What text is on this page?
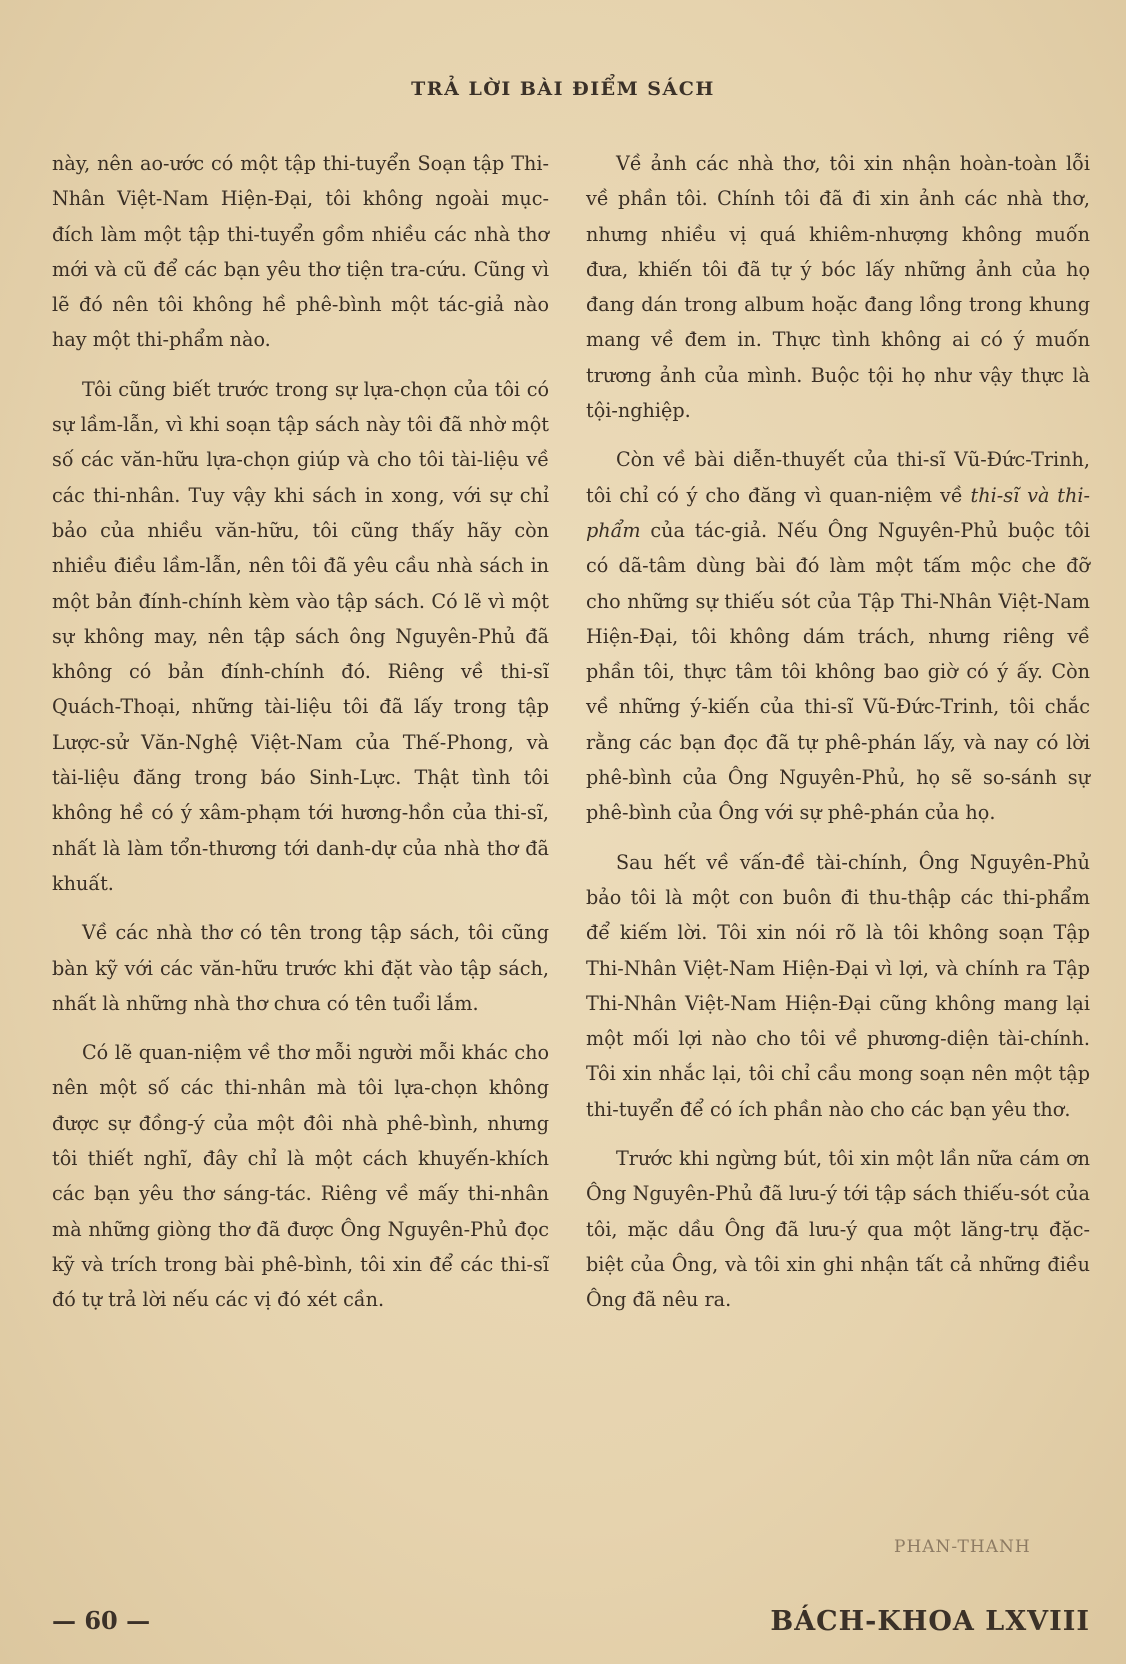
TRẢ LỜI BÀI ĐIỂM SÁCH

này, nên ao-ước có một tập thi-tuyển Soạn tập Thi-Nhân Việt-Nam Hiện-Đại, tôi không ngoài mục-đích làm một tập thi-tuyển gồm nhiều các nhà thơ mới và cũ để các bạn yêu thơ tiện tra-cứu. Cũng vì lẽ đó nên tôi không hề phê-bình một tác-giả nào hay một thi-phẩm nào.

Tôi cũng biết trước trong sự lựa-chọn của tôi có sự lầm-lẫn, vì khi soạn tập sách này tôi đã nhờ một số các văn-hữu lựa-chọn giúp và cho tôi tài-liệu về các thi-nhân. Tuy vậy khi sách in xong, với sự chỉ bảo của nhiều văn-hữu, tôi cũng thấy hãy còn nhiều điều lầm-lẫn, nên tôi đã yêu cầu nhà sách in một bản đính-chính kèm vào tập sách. Có lẽ vì một sự không may, nên tập sách ông Nguyên-Phủ đã không có bản đính-chính đó. Riêng về thi-sĩ Quách-Thoại, những tài-liệu tôi đã lấy trong tập Lược-sử Văn-Nghệ Việt-Nam của Thế-Phong, và tài-liệu đăng trong báo Sinh-Lực. Thật tình tôi không hề có ý xâm-phạm tới hương-hồn của thi-sĩ, nhất là làm tổn-thương tới danh-dự của nhà thơ đã khuất.

Về các nhà thơ có tên trong tập sách, tôi cũng bàn kỹ với các văn-hữu trước khi đặt vào tập sách, nhất là những nhà thơ chưa có tên tuổi lắm.

Có lẽ quan-niệm về thơ mỗi người mỗi khác cho nên một số các thi-nhân mà tôi lựa-chọn không được sự đồng-ý của một đôi nhà phê-bình, nhưng tôi thiết nghĩ, đây chỉ là một cách khuyến-khích các bạn yêu thơ sáng-tác. Riêng về mấy thi-nhân mà những giòng thơ đã được Ông Nguyên-Phủ đọc kỹ và trích trong bài phê-bình, tôi xin để các thi-sĩ đó tự trả lời nếu các vị đó xét cần.

Về ảnh các nhà thơ, tôi xin nhận hoàn-toàn lỗi về phần tôi. Chính tôi đã đi xin ảnh các nhà thơ, nhưng nhiều vị quá khiêm-nhượng không muốn đưa, khiến tôi đã tự ý bóc lấy những ảnh của họ đang dán trong album hoặc đang lồng trong khung mang về đem in. Thực tình không ai có ý muốn trương ảnh của mình. Buộc tội họ như vậy thực là tội-nghiệp.

Còn về bài diễn-thuyết của thi-sĩ Vũ-Đức-Trinh, tôi chỉ có ý cho đăng vì quan-niệm về thi-sĩ và thi-phẩm của tác-giả. Nếu Ông Nguyên-Phủ buộc tôi có dã-tâm dùng bài đó làm một tấm mộc che đỡ cho những sự thiếu sót của Tập Thi-Nhân Việt-Nam Hiện-Đại, tôi không dám trách, nhưng riêng về phần tôi, thực tâm tôi không bao giờ có ý ấy. Còn về những ý-kiến của thi-sĩ Vũ-Đức-Trinh, tôi chắc rằng các bạn đọc đã tự phê-phán lấy, và nay có lời phê-bình của Ông Nguyên-Phủ, họ sẽ so-sánh sự phê-bình của Ông với sự phê-phán của họ.

Sau hết về vấn-đề tài-chính, Ông Nguyên-Phủ bảo tôi là một con buôn đi thu-thập các thi-phẩm để kiếm lời. Tôi xin nói rõ là tôi không soạn Tập Thi-Nhân Việt-Nam Hiện-Đại vì lợi, và chính ra Tập Thi-Nhân Việt-Nam Hiện-Đại cũng không mang lại một mối lợi nào cho tôi về phương-diện tài-chính. Tôi xin nhắc lại, tôi chỉ cầu mong soạn nên một tập thi-tuyển để có ích phần nào cho các bạn yêu thơ.

Trước khi ngừng bút, tôi xin một lần nữa cám ơn Ông Nguyên-Phủ đã lưu-ý tới tập sách thiếu-sót của tôi, mặc dầu Ông đã lưu-ý qua một lăng-trụ đặc-biệt của Ông, và tôi xin ghi nhận tất cả những điều Ông đã nêu ra.

PHAN-THANH
— 60 —	BÁCH-KHOA LXVIII
